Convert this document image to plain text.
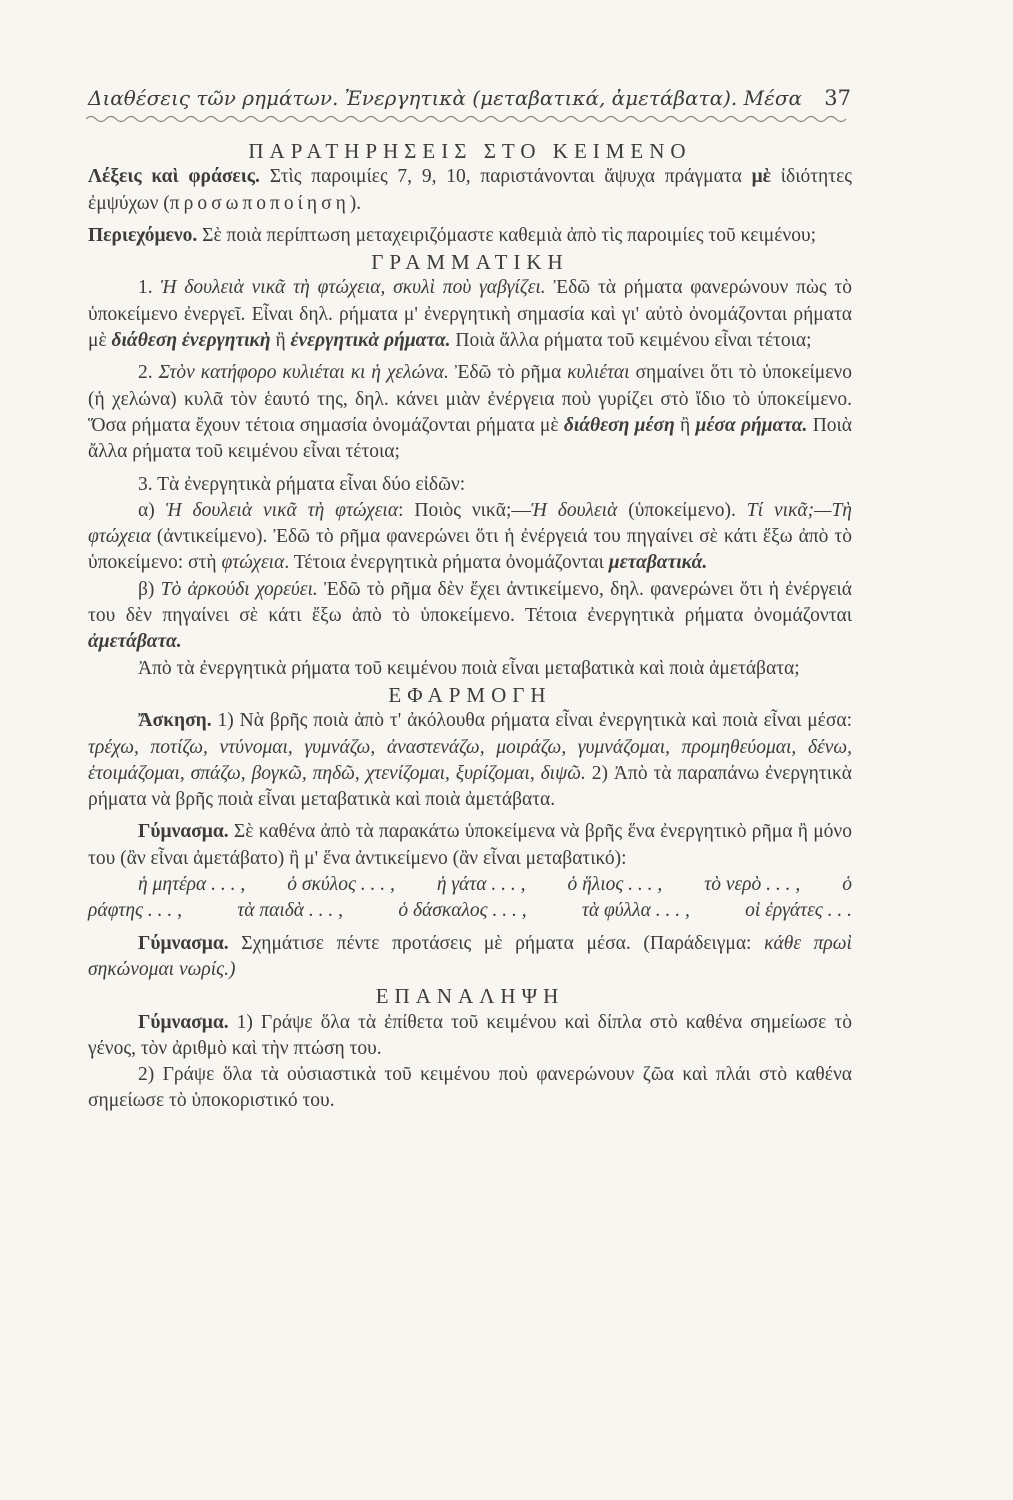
Διαθέσεις τῶν ρημάτων. Ἐνεργητικὰ (μεταβατικά, ἀμετάβατα). Μέσα 37

ΠΑΡΑΤΗΡΗΣΕΙΣ ΣΤΟ ΚΕΙΜΕΝΟ

Λέξεις καὶ φράσεις. Στὶς παροιμίες 7, 9, 10, παριστάνονται ἄψυχα πράγματα μὲ ἰδιότητες ἐμψύχων (προσωποποίηση).

Περιεχόμενο. Σὲ ποιὰ περίπτωση μεταχειριζόμαστε καθεμιὰ ἀπὸ τὶς παροιμίες τοῦ κειμένου;

ΓΡΑΜΜΑΤΙΚΗ

1. Ἡ δουλειὰ νικᾶ τὴ φτώχεια, σκυλὶ ποὺ γαβγίζει. Ἐδῶ τὰ ρήματα φανερώνουν πὼς τὸ ὑποκείμενο ἐνεργεῖ. Εἶναι δηλ. ρήματα μ' ἐνεργητικὴ σημασία καὶ γι' αὐτὸ ὀνομάζονται ρήματα μὲ διάθεση ἐνεργητικὴ ἢ ἐνεργητικὰ ρήματα. Ποιὰ ἄλλα ρήματα τοῦ κειμένου εἶναι τέτοια;

2. Στὸν κατήφορο κυλιέται κι ἡ χελώνα. Ἐδῶ τὸ ρῆμα κυλιέται σημαίνει ὅτι τὸ ὑποκείμενο (ἡ χελώνα) κυλᾶ τὸν ἑαυτό της, δηλ. κάνει μιὰν ἐνέργεια ποὺ γυρίζει στὸ ἴδιο τὸ ὑποκείμενο. Ὅσα ρήματα ἔχουν τέτοια σημασία ὀνομάζονται ρήματα μὲ διάθεση μέση ἢ μέσα ρήματα. Ποιὰ ἄλλα ρήματα τοῦ κειμένου εἶναι τέτοια;

3. Τὰ ἐνεργητικὰ ρήματα εἶναι δύο εἰδῶν:

α) Ἡ δουλειὰ νικᾶ τὴ φτώχεια: Ποιὸς νικᾶ;—Ἡ δουλειὰ (ὑποκείμενο). Τί νικᾶ;—Τὴ φτώχεια (ἀντικείμενο). Ἐδῶ τὸ ρῆμα φανερώνει ὅτι ἡ ἐνέργειά του πηγαίνει σὲ κάτι ἔξω ἀπὸ τὸ ὑποκείμενο: στὴ φτώχεια. Τέτοια ἐνεργητικὰ ρήματα ὀνομάζονται μεταβατικά.

β) Τὸ ἀρκούδι χορεύει. Ἐδῶ τὸ ρῆμα δὲν ἔχει ἀντικείμενο, δηλ. φανερώνει ὅτι ἡ ἐνέργειά του δὲν πηγαίνει σὲ κάτι ἔξω ἀπὸ τὸ ὑποκείμενο. Τέτοια ἐνεργητικὰ ρήματα ὀνομάζονται ἀμετάβατα.

Ἀπὸ τὰ ἐνεργητικὰ ρήματα τοῦ κειμένου ποιὰ εἶναι μεταβατικὰ καὶ ποιὰ ἀμετάβατα;

ΕΦΑΡΜΟΓΗ

Ἄσκηση. 1) Νὰ βρῆς ποιὰ ἀπὸ τ' ἀκόλουθα ρήματα εἶναι ἐνεργητικὰ καὶ ποιὰ εἶναι μέσα: τρέχω, ποτίζω, ντύνομαι, γυμνάζω, ἀναστενάζω, μοιράζω, γυμνάζομαι, προμηθεύομαι, δένω, ἑτοιμάζομαι, σπάζω, βογκῶ, πηδῶ, χτενίζομαι, ξυρίζομαι, διψῶ. 2) Ἀπὸ τὰ παραπάνω ἐνεργητικὰ ρήματα νὰ βρῆς ποιὰ εἶναι μεταβατικὰ καὶ ποιὰ ἀμετάβατα.

Γύμνασμα. Σὲ καθένα ἀπὸ τὰ παρακάτω ὑποκείμενα νὰ βρῆς ἕνα ἐνεργητικὸ ρῆμα ἢ μόνο του (ἂν εἶναι ἀμετάβατο) ἢ μ' ἕνα ἀντικείμενο (ἂν εἶναι μεταβατικό):

ἡ μητέρα . . . , ὁ σκύλος . . . , ἡ γάτα . . . , ὁ ἥλιος . . . , τὸ νερὸ . . . , ὁ
ράφτης . . . ,	τὰ παιδὰ . . . ,	ὁ δάσκαλος . . . ,	τὰ φύλλα . . . ,	οἱ ἐργάτες . . .

Γύμνασμα. Σχημάτισε πέντε προτάσεις μὲ ρήματα μέσα. (Παράδειγμα: κάθε πρωὶ σηκώνομαι νωρίς.)

ΕΠΑΝΑΛΗΨΗ

Γύμνασμα. 1) Γράψε ὅλα τὰ ἐπίθετα τοῦ κειμένου καὶ δίπλα στὸ καθένα σημείωσε τὸ γένος, τὸν ἀριθμὸ καὶ τὴν πτώση του.

2) Γράψε ὅλα τὰ οὐσιαστικὰ τοῦ κειμένου ποὺ φανερώνουν ζῶα καὶ πλάι στὸ καθένα σημείωσε τὸ ὑποκοριστικό του.
